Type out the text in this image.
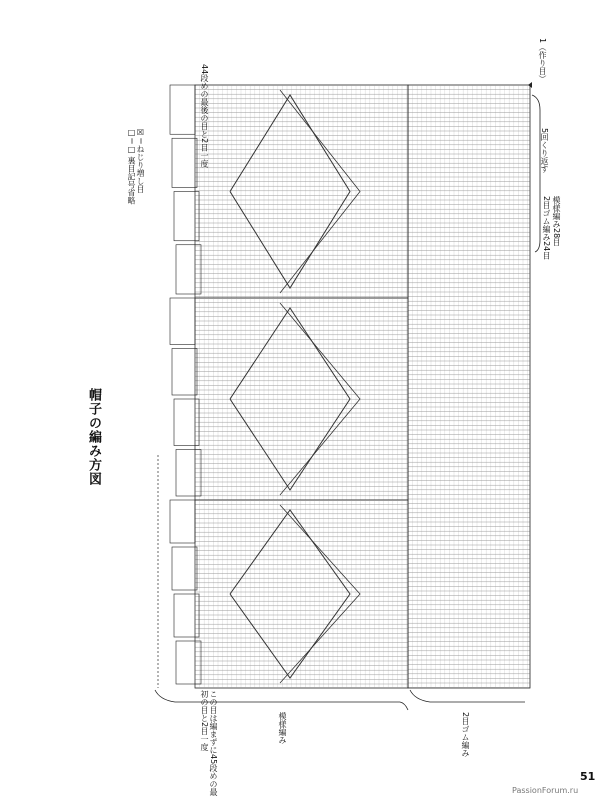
帽子の編み方図
☒＝ねじり増し目
□＝□ 裏目記号省略
44段めの最後の目と2目一度
1（作り目）
5回くり返す
模様編み28目
2目ゴム編み24目
この目は編まずに45段めの最初の目と2目一度	模様編み	2目ゴム編み
51
PassionForum.ru
